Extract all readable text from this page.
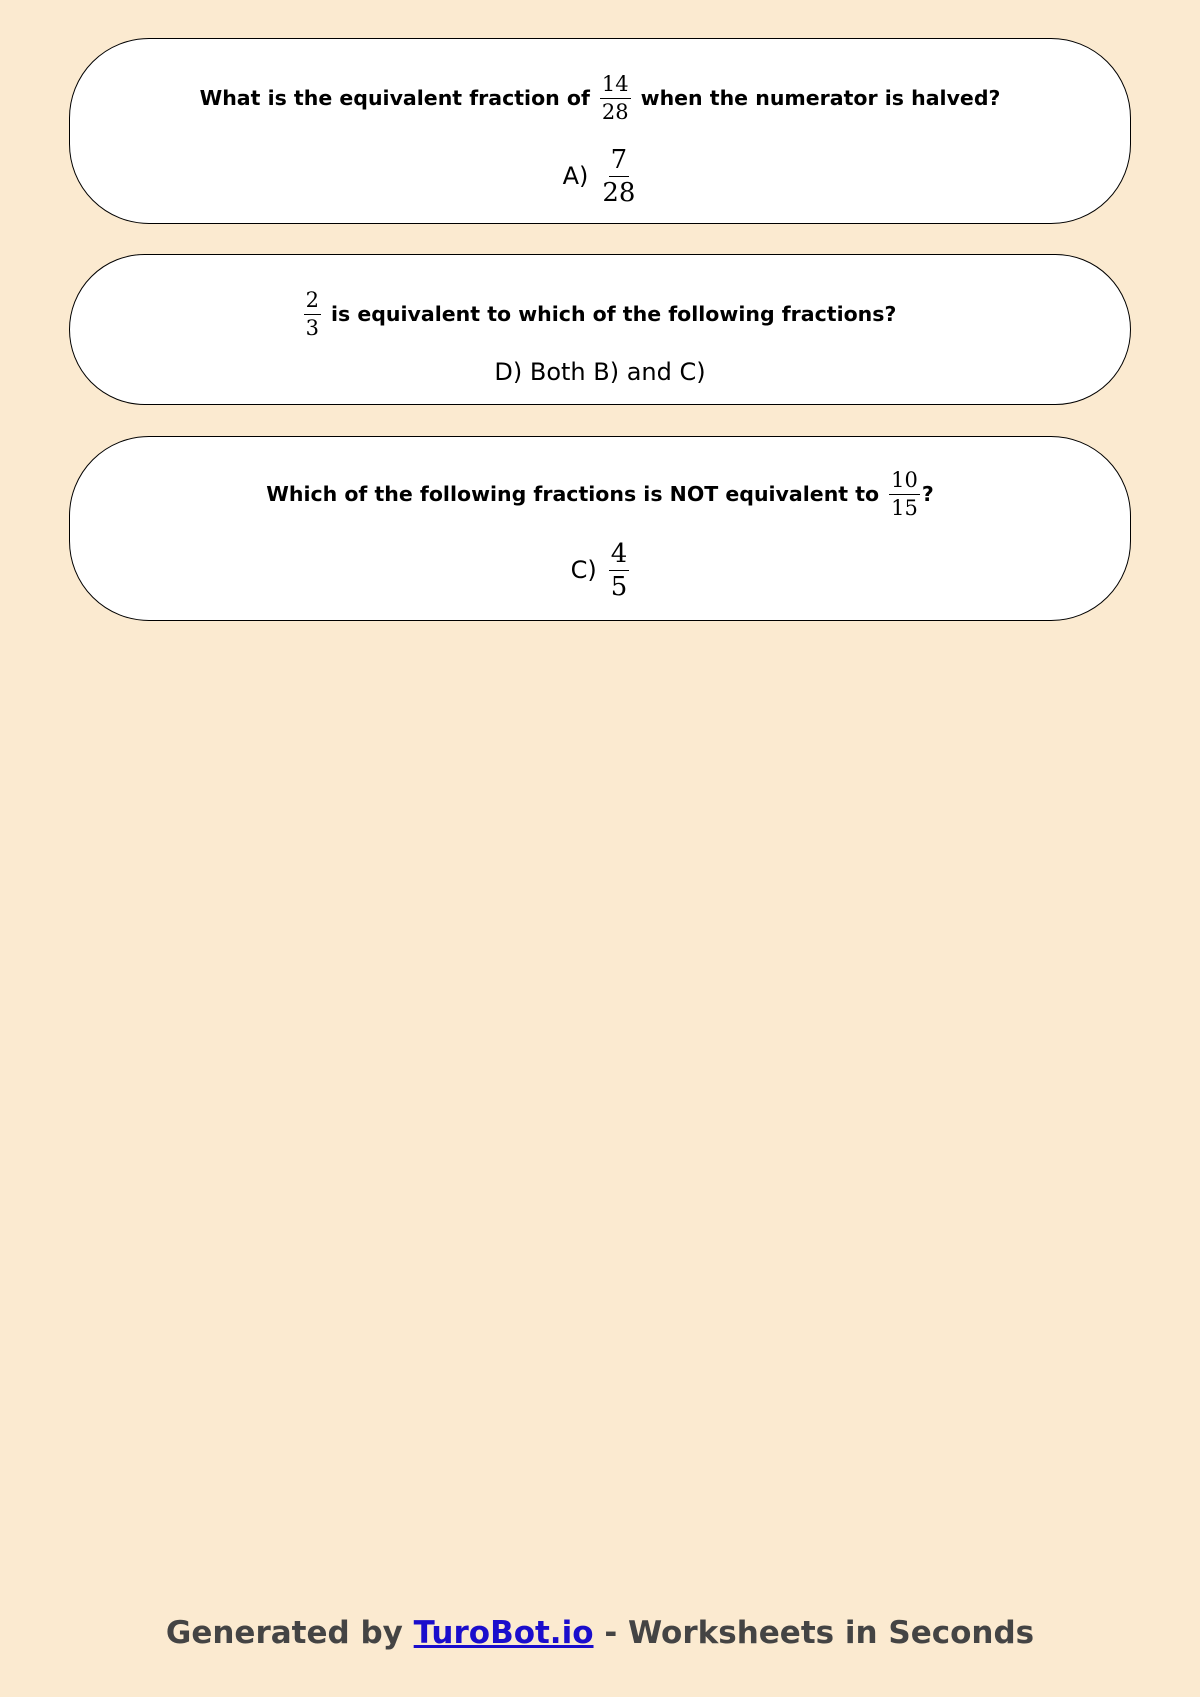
What is the equivalent fraction of $\frac{14}{28}$ when the numerator is halved?
$A) \frac{7}{28}$
$\frac{2}{3}$ is equivalent to which of the following fractions?
D) Both B) and C)
Which of the following fractions is NOT equivalent to $\frac{10}{15}$ ?
$C) \frac{4}{5}$
Generated by TuroBot.io - Worksheets in Seconds
